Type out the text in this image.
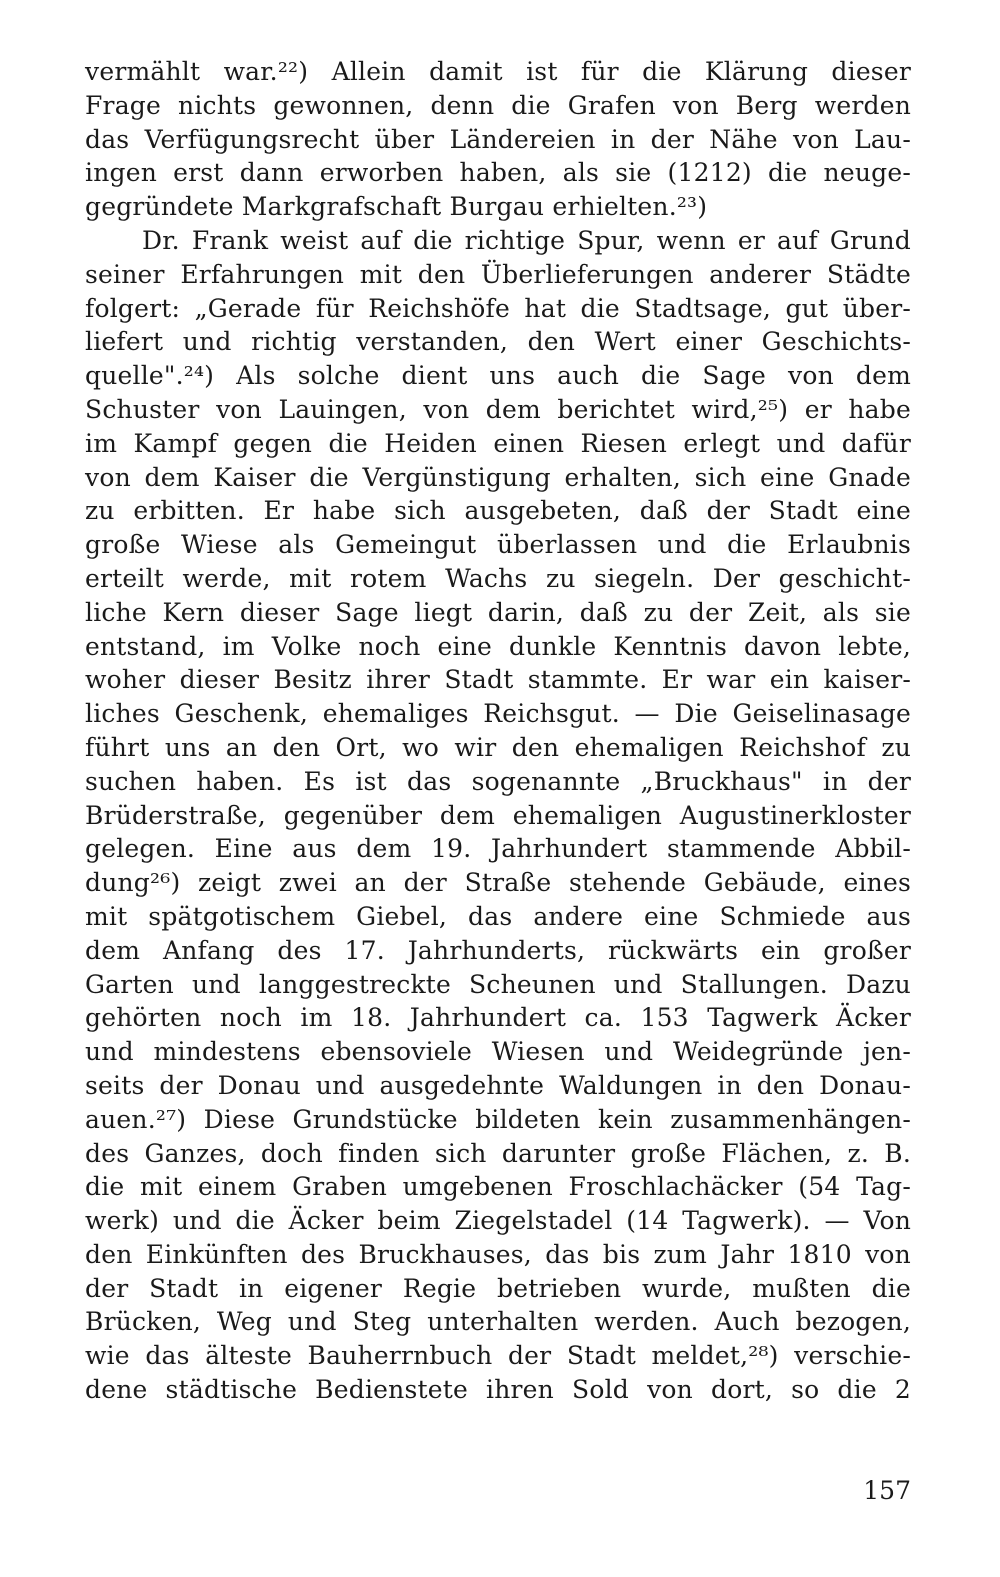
vermählt war.²²) Allein damit ist für die Klärung dieser
Frage nichts gewonnen, denn die Grafen von Berg werden
das Verfügungsrecht über Ländereien in der Nähe von Lau-
ingen erst dann erworben haben, als sie (1212) die neuge-
gegründete Markgrafschaft Burgau erhielten.²³)
Dr. Frank weist auf die richtige Spur, wenn er auf Grund
seiner Erfahrungen mit den Überlieferungen anderer Städte
folgert: „Gerade für Reichshöfe hat die Stadtsage, gut über-
liefert und richtig verstanden, den Wert einer Geschichts-
quelle".²⁴) Als solche dient uns auch die Sage von dem
Schuster von Lauingen, von dem berichtet wird,²⁵) er habe
im Kampf gegen die Heiden einen Riesen erlegt und dafür
von dem Kaiser die Vergünstigung erhalten, sich eine Gnade
zu erbitten. Er habe sich ausgebeten, daß der Stadt eine
große Wiese als Gemeingut überlassen und die Erlaubnis
erteilt werde, mit rotem Wachs zu siegeln. Der geschicht-
liche Kern dieser Sage liegt darin, daß zu der Zeit, als sie
entstand, im Volke noch eine dunkle Kenntnis davon lebte,
woher dieser Besitz ihrer Stadt stammte. Er war ein kaiser-
liches Geschenk, ehemaliges Reichsgut. — Die Geiselinasage
führt uns an den Ort, wo wir den ehemaligen Reichshof zu
suchen haben. Es ist das sogenannte „Bruckhaus" in der
Brüderstraße, gegenüber dem ehemaligen Augustinerkloster
gelegen. Eine aus dem 19. Jahrhundert stammende Abbil-
dung²⁶) zeigt zwei an der Straße stehende Gebäude, eines
mit spätgotischem Giebel, das andere eine Schmiede aus
dem Anfang des 17. Jahrhunderts, rückwärts ein großer
Garten und langgestreckte Scheunen und Stallungen. Dazu
gehörten noch im 18. Jahrhundert ca. 153 Tagwerk Äcker
und mindestens ebensoviele Wiesen und Weidegründe jen-
seits der Donau und ausgedehnte Waldungen in den Donau-
auen.²⁷) Diese Grundstücke bildeten kein zusammenhängen-
des Ganzes, doch finden sich darunter große Flächen, z. B.
die mit einem Graben umgebenen Froschlachäcker (54 Tag-
werk) und die Äcker beim Ziegelstadel (14 Tagwerk). — Von
den Einkünften des Bruckhauses, das bis zum Jahr 1810 von
der Stadt in eigener Regie betrieben wurde, mußten die
Brücken, Weg und Steg unterhalten werden. Auch bezogen,
wie das älteste Bauherrnbuch der Stadt meldet,²⁸) verschie-
dene städtische Bedienstete ihren Sold von dort, so die 2
157
